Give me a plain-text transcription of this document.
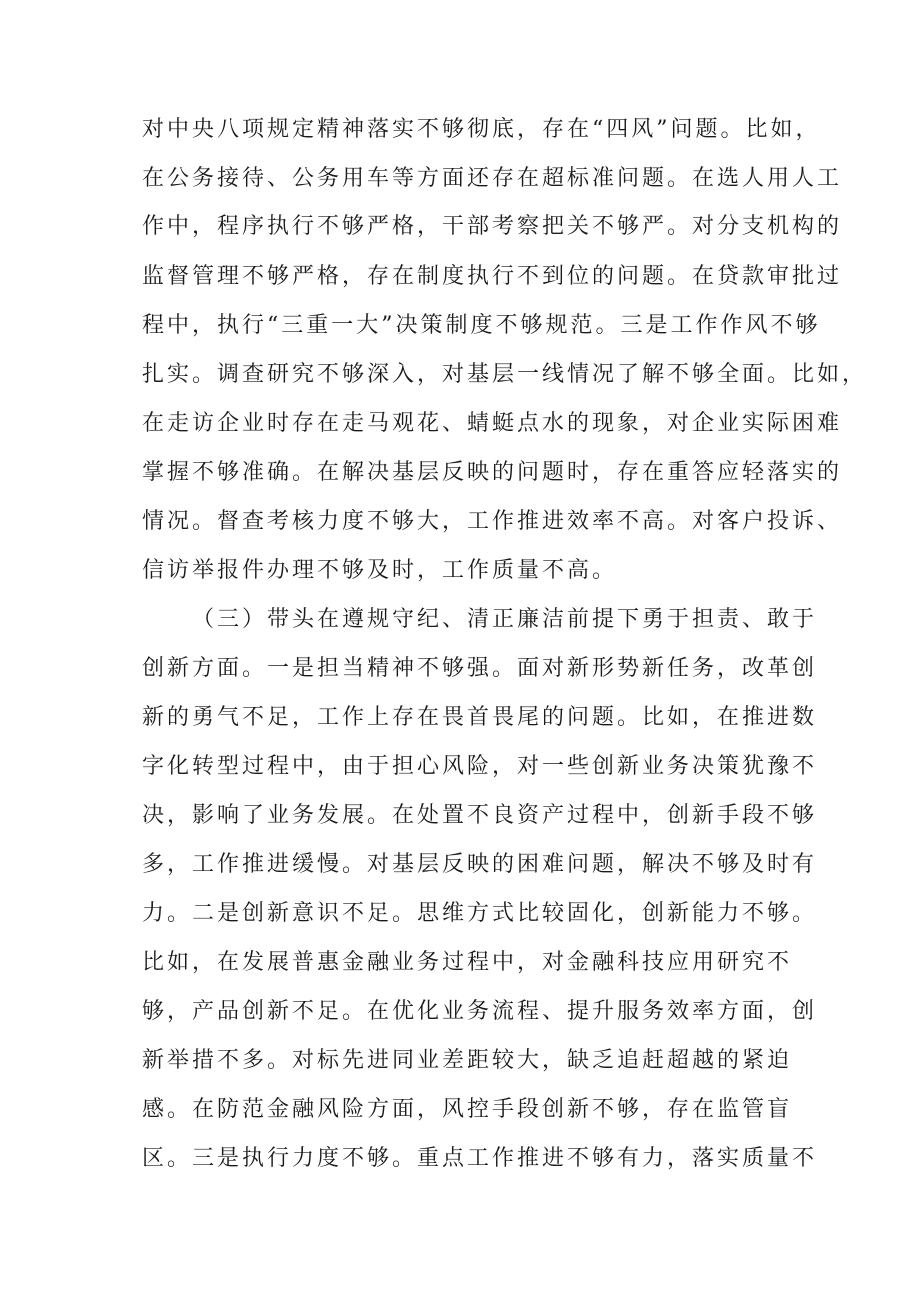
对中央八项规定精神落实不够彻底，存在“四风”问题。比如，

在公务接待、公务用车等方面还存在超标准问题。在选人用人工

作中，程序执行不够严格，干部考察把关不够严。对分支机构的

监督管理不够严格，存在制度执行不到位的问题。在贷款审批过

程中，执行“三重一大”决策制度不够规范。三是工作作风不够

扎实。调查研究不够深入，对基层一线情况了解不够全面。比如，

在走访企业时存在走马观花、蜻蜓点水的现象，对企业实际困难

掌握不够准确。在解决基层反映的问题时，存在重答应轻落实的

情况。督查考核力度不够大，工作推进效率不高。对客户投诉、

信访举报件办理不够及时，工作质量不高。

（三）带头在遵规守纪、清正廉洁前提下勇于担责、敢于

创新方面。一是担当精神不够强。面对新形势新任务，改革创

新的勇气不足，工作上存在畏首畏尾的问题。比如，在推进数

字化转型过程中，由于担心风险，对一些创新业务决策犹豫不

决，影响了业务发展。在处置不良资产过程中，创新手段不够

多，工作推进缓慢。对基层反映的困难问题，解决不够及时有

力。二是创新意识不足。思维方式比较固化，创新能力不够。

比如，在发展普惠金融业务过程中，对金融科技应用研究不

够，产品创新不足。在优化业务流程、提升服务效率方面，创

新举措不多。对标先进同业差距较大，缺乏追赶超越的紧迫

感。在防范金融风险方面，风控手段创新不够，存在监管盲

区。三是执行力度不够。重点工作推进不够有力，落实质量不
